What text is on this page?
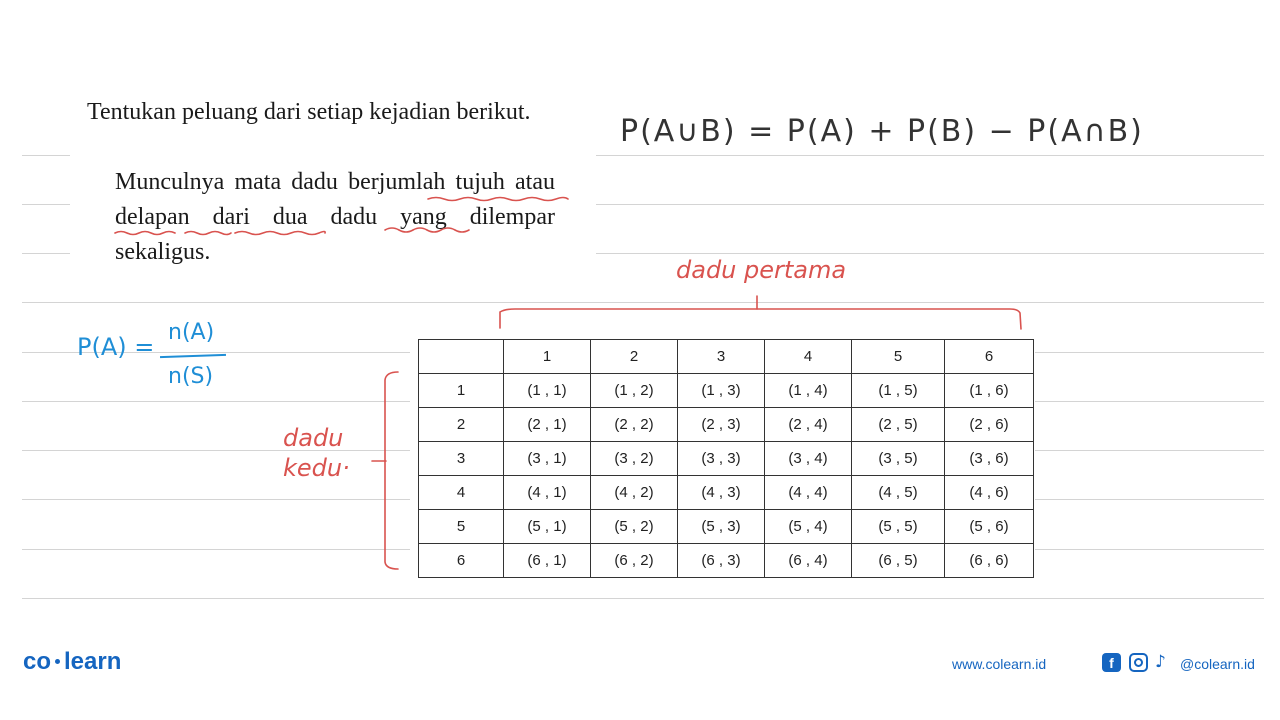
Tentukan peluang dari setiap kejadian berikut.

Munculnya mata dadu berjumlah tujuh atau delapan dari dua dadu yang dilempar sekaligus.

P(A∪B) = P(A) + P(B) − P(A∩B)
dadu pertama
dadu kedu·
P(A) =
n(A)
n(S)
	1	2	3	4	5	6
1	(1 , 1)	(1 , 2)	(1 , 3)	(1 , 4)	(1 , 5)	(1 , 6)
2	(2 , 1)	(2 , 2)	(2 , 3)	(2 , 4)	(2 , 5)	(2 , 6)
3	(3 , 1)	(3 , 2)	(3 , 3)	(3 , 4)	(3 , 5)	(3 , 6)
4	(4 , 1)	(4 , 2)	(4 , 3)	(4 , 4)	(4 , 5)	(4 , 6)
5	(5 , 1)	(5 , 2)	(5 , 3)	(5 , 4)	(5 , 5)	(5 , 6)
6	(6 , 1)	(6 , 2)	(6 , 3)	(6 , 4)	(6 , 5)	(6 , 6)
co learn	www.colearn.id	f	♪	@colearn.id
